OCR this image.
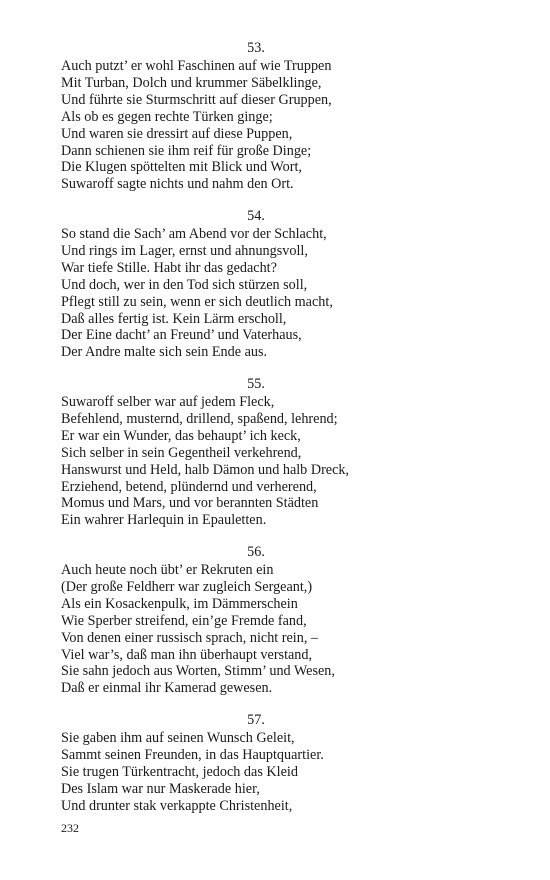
53.
Auch putzt’ er wohl Faschinen auf wie Truppen
Mit Turban, Dolch und krummer Säbelklinge,
Und führte sie Sturmschritt auf dieser Gruppen,
Als ob es gegen rechte Türken ginge;
Und waren sie dressirt auf diese Puppen,
Dann schienen sie ihm reif für große Dinge;
Die Klugen spöttelten mit Blick und Wort,
Suwaroff sagte nichts und nahm den Ort.
54.
So stand die Sach’ am Abend vor der Schlacht,
Und rings im Lager, ernst und ahnungsvoll,
War tiefe Stille. Habt ihr das gedacht?
Und doch, wer in den Tod sich stürzen soll,
Pflegt still zu sein, wenn er sich deutlich macht,
Daß alles fertig ist. Kein Lärm erscholl,
Der Eine dacht’ an Freund’ und Vaterhaus,
Der Andre malte sich sein Ende aus.
55.
Suwaroff selber war auf jedem Fleck,
Befehlend, musternd, drillend, spaßend, lehrend;
Er war ein Wunder, das behaupt’ ich keck,
Sich selber in sein Gegentheil verkehrend,
Hanswurst und Held, halb Dämon und halb Dreck,
Erziehend, betend, plündernd und verherend,
Momus und Mars, und vor berannten Städten
Ein wahrer Harlequin in Epauletten.
56.
Auch heute noch übt’ er Rekruten ein
(Der große Feldherr war zugleich Sergeant,)
Als ein Kosackenpulk, im Dämmerschein
Wie Sperber streifend, ein’ge Fremde fand,
Von denen einer russisch sprach, nicht rein, –
Viel war’s, daß man ihn überhaupt verstand,
Sie sahn jedoch aus Worten, Stimm’ und Wesen,
Daß er einmal ihr Kamerad gewesen.
57.
Sie gaben ihm auf seinen Wunsch Geleit,
Sammt seinen Freunden, in das Hauptquartier.
Sie trugen Türkentracht, jedoch das Kleid
Des Islam war nur Maskerade hier,
Und drunter stak verkappte Christenheit,
232
